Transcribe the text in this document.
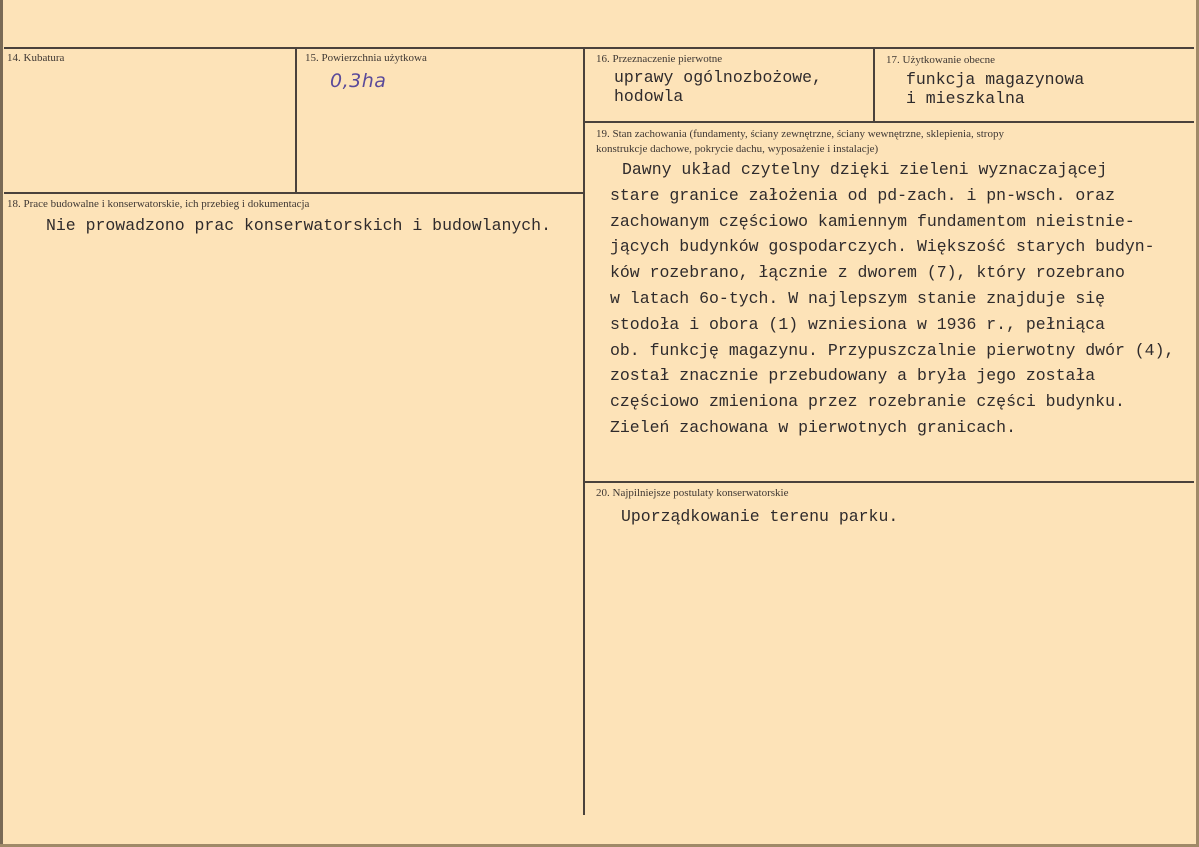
14. Kubatura	15. Powierzchnia użytkowa
0,3ha
16. Przeznaczenie pierwotne
uprawy ogólnozbożowe,
hodowla
17. Użytkowanie obecne
funkcja magazynowa
i mieszkalna
19. Stan zachowania (fundamenty, ściany zewnętrzne, ściany wewnętrzne, sklepienia, stropy
konstrukcje dachowe, pokrycie dachu, wyposażenie i instalacje)
Dawny układ czytelny dzięki zieleni wyznaczającej
stare granice założenia od pd-zach. i pn-wsch. oraz
zachowanym częściowo kamiennym fundamentom nieistnie-
jących budynków gospodarczych. Większość starych budyn-
ków rozebrano, łącznie z dworem (7), który rozebrano
w latach 6o-tych. W najlepszym stanie znajduje się
stodoła i obora (1) wzniesiona w 1936 r., pełniąca
ob. funkcję magazynu. Przypuszczalnie pierwotny dwór (4),
został znacznie przebudowany a bryła jego została
częściowo zmieniona przez rozebranie części budynku.
Zieleń zachowana w pierwotnych granicach.
18. Prace budowalne i konserwatorskie, ich przebieg i dokumentacja
Nie prowadzono prac konserwatorskich i budowlanych.
20. Najpilniejsze postulaty konserwatorskie
Uporządkowanie terenu parku.
